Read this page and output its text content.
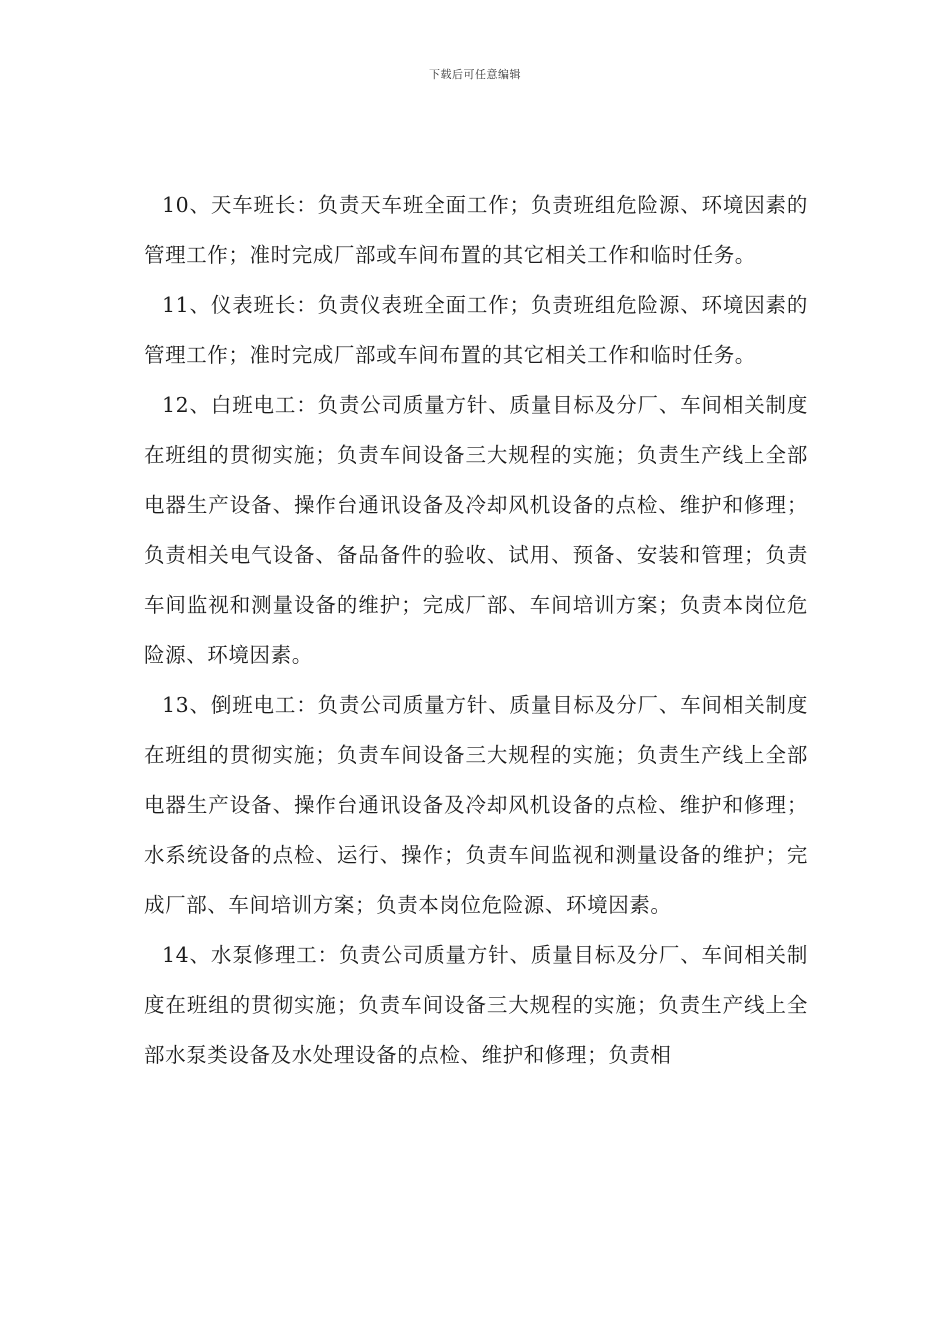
下载后可任意编辑

10、天车班长：负责天车班全面工作；负责班组危险源、环境因素的管理工作；准时完成厂部或车间布置的其它相关工作和临时任务。

11、仪表班长：负责仪表班全面工作；负责班组危险源、环境因素的管理工作；准时完成厂部或车间布置的其它相关工作和临时任务。

12、白班电工：负责公司质量方针、质量目标及分厂、车间相关制度在班组的贯彻实施；负责车间设备三大规程的实施；负责生产线上全部电器生产设备、操作台通讯设备及冷却风机设备的点检、维护和修理；负责相关电气设备、备品备件的验收、试用、预备、安装和管理；负责车间监视和测量设备的维护；完成厂部、车间培训方案；负责本岗位危险源、环境因素。

13、倒班电工：负责公司质量方针、质量目标及分厂、车间相关制度在班组的贯彻实施；负责车间设备三大规程的实施；负责生产线上全部电器生产设备、操作台通讯设备及冷却风机设备的点检、维护和修理；水系统设备的点检、运行、操作；负责车间监视和测量设备的维护；完成厂部、车间培训方案；负责本岗位危险源、环境因素。

14、水泵修理工：负责公司质量方针、质量目标及分厂、车间相关制度在班组的贯彻实施；负责车间设备三大规程的实施；负责生产线上全部水泵类设备及水处理设备的点检、维护和修理；负责相
